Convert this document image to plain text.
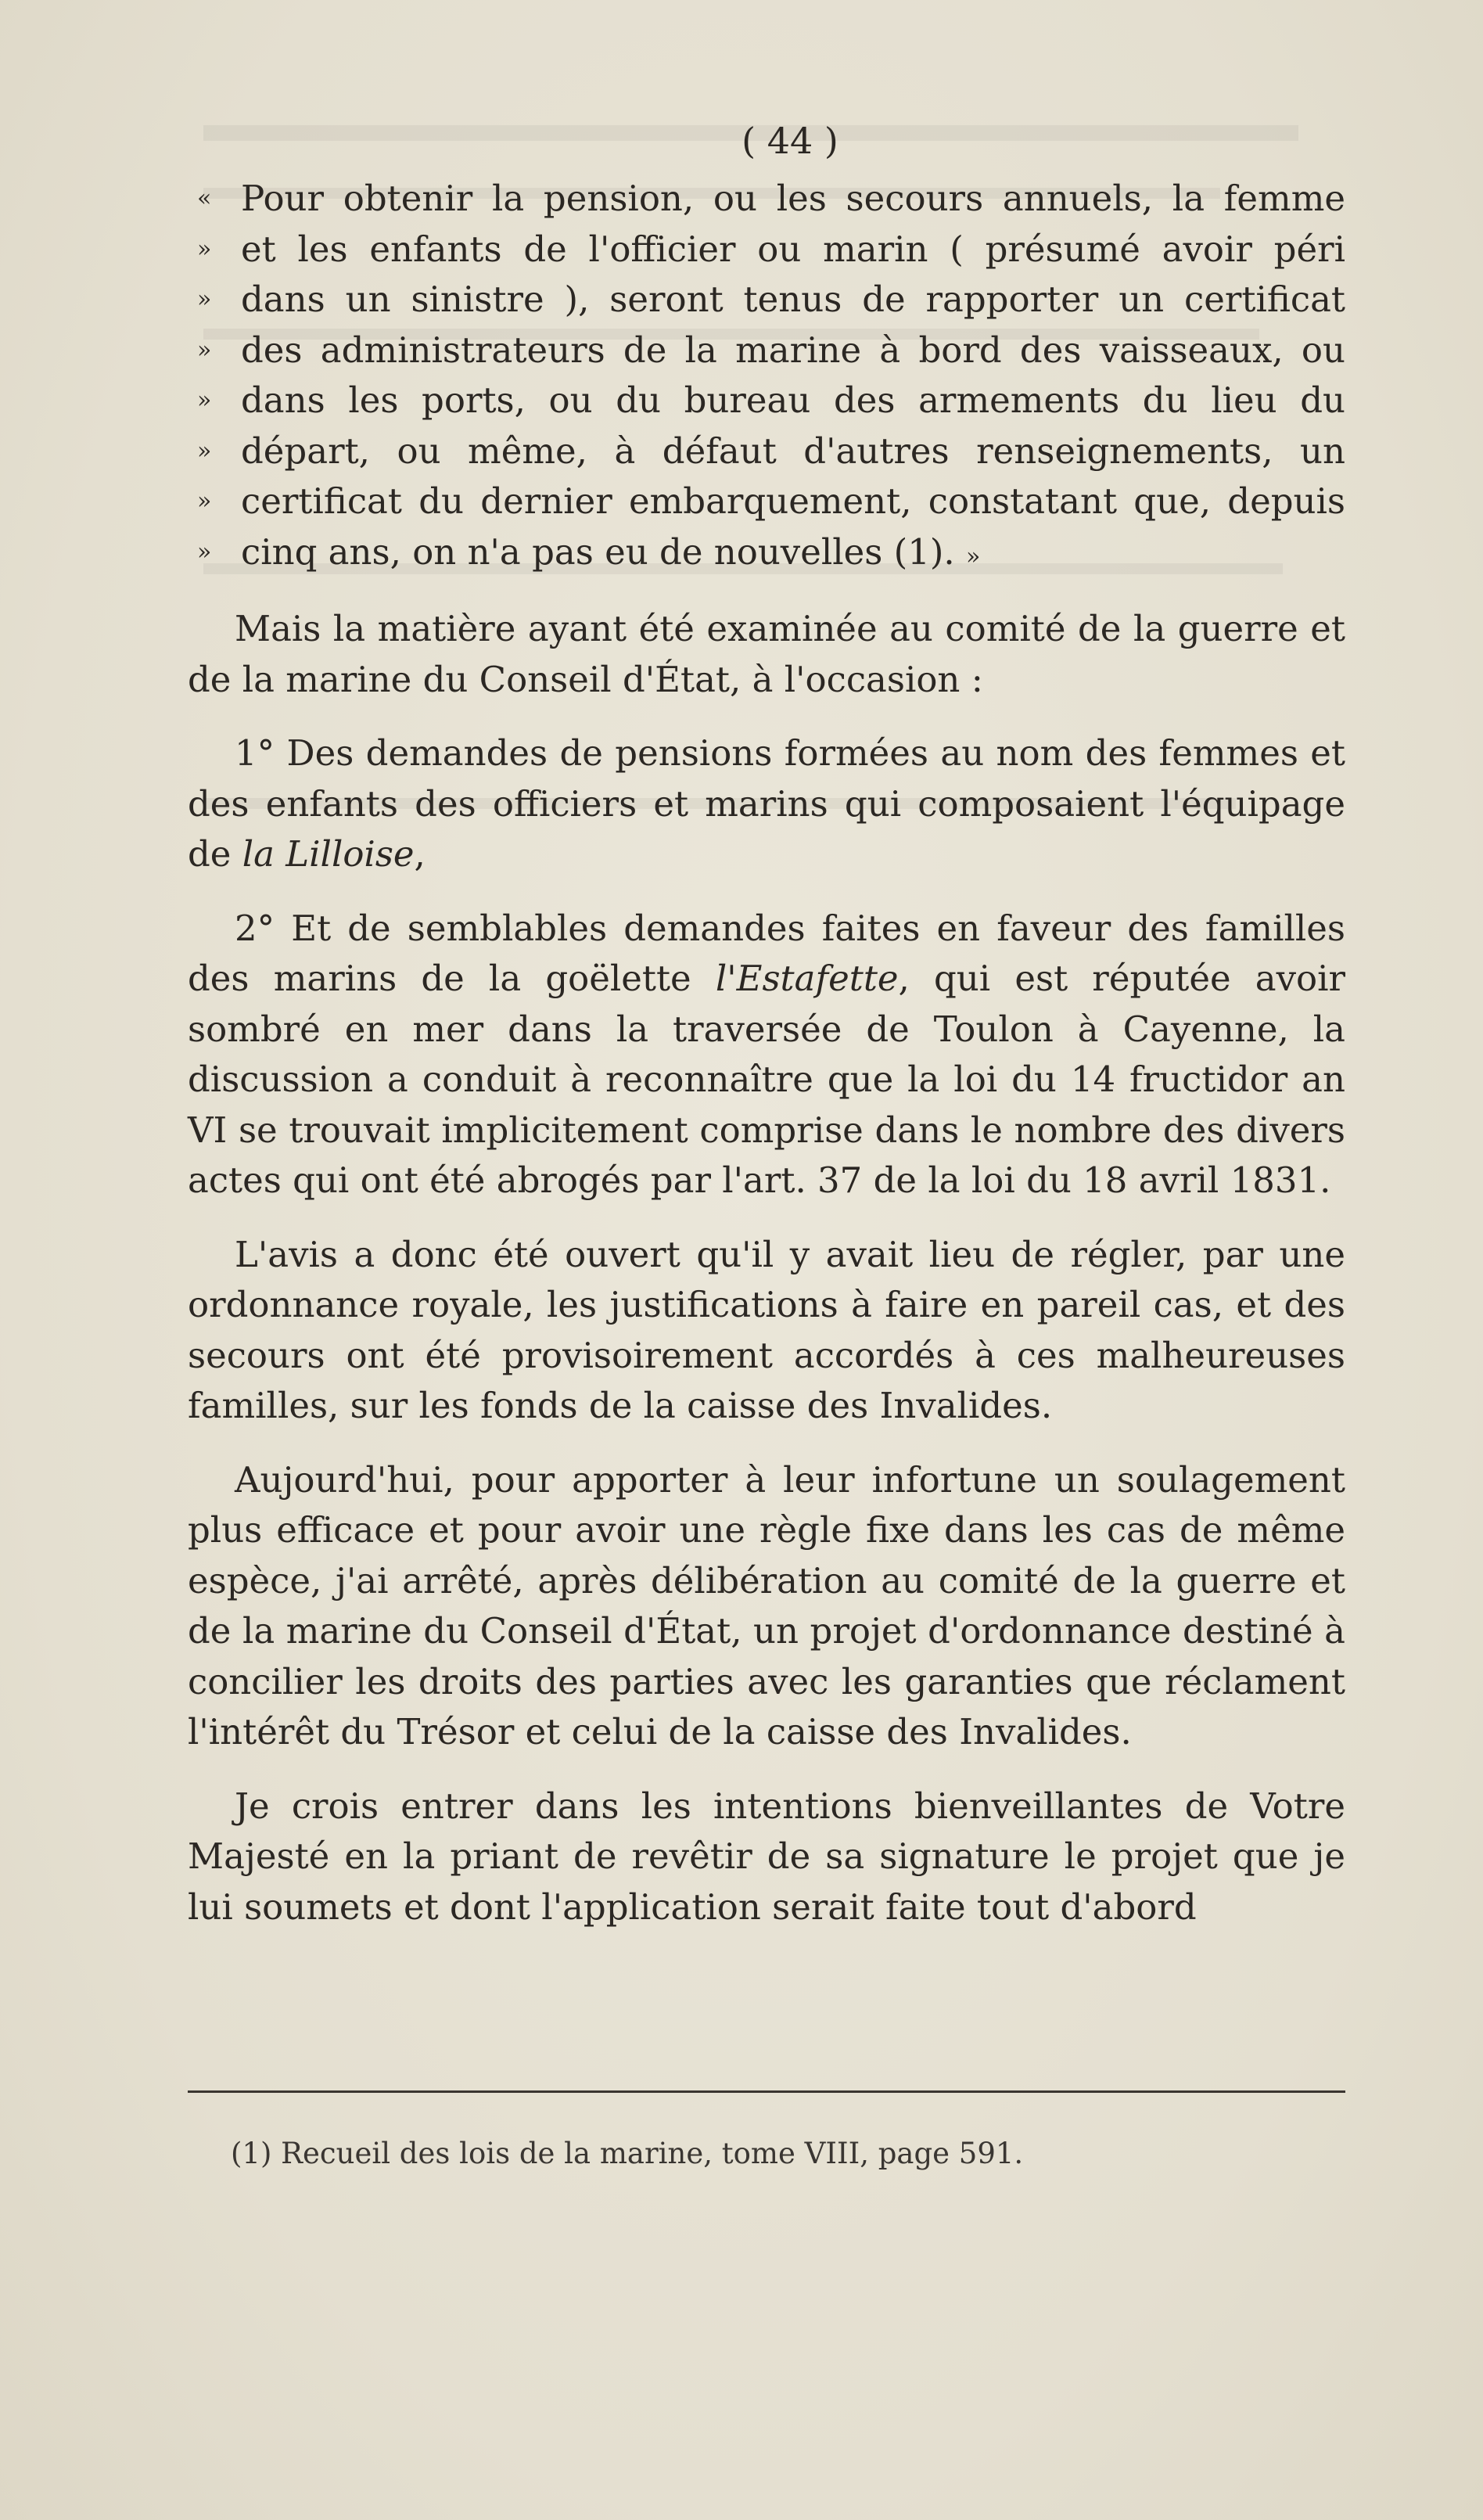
( 44 )
« Pour obtenir la pension, ou les secours annuels, la femme
» et les enfants de l'officier ou marin ( présumé avoir péri
» dans un sinistre ), seront tenus de rapporter un certificat
» des administrateurs de la marine à bord des vaisseaux, ou
» dans les ports, ou du bureau des armements du lieu du
» départ, ou même, à défaut d'autres renseignements, un
» certificat du dernier embarquement, constatant que, depuis
» cinq ans, on n'a pas eu de nouvelles (1). »

Mais la matière ayant été examinée au comité de la guerre et de la marine du Conseil d'État, à l'occasion :

1° Des demandes de pensions formées au nom des femmes et des enfants des officiers et marins qui composaient l'équipage de la Lilloise,

2° Et de semblables demandes faites en faveur des familles des marins de la goëlette l'Estafette, qui est réputée avoir sombré en mer dans la traversée de Toulon à Cayenne, la discussion a conduit à reconnaître que la loi du 14 fructidor an VI se trouvait implicitement comprise dans le nombre des divers actes qui ont été abrogés par l'art. 37 de la loi du 18 avril 1831.

L'avis a donc été ouvert qu'il y avait lieu de régler, par une ordonnance royale, les justifications à faire en pareil cas, et des secours ont été provisoirement accordés à ces malheureuses familles, sur les fonds de la caisse des Invalides.

Aujourd'hui, pour apporter à leur infortune un soulagement plus efficace et pour avoir une règle fixe dans les cas de même espèce, j'ai arrêté, après délibération au comité de la guerre et de la marine du Conseil d'État, un projet d'ordonnance destiné à concilier les droits des parties avec les garanties que réclament l'intérêt du Trésor et celui de la caisse des Invalides.

Je crois entrer dans les intentions bienveillantes de Votre Majesté en la priant de revêtir de sa signature le projet que je lui soumets et dont l'application serait faite tout d'abord

(1) Recueil des lois de la marine, tome VIII, page 591.
